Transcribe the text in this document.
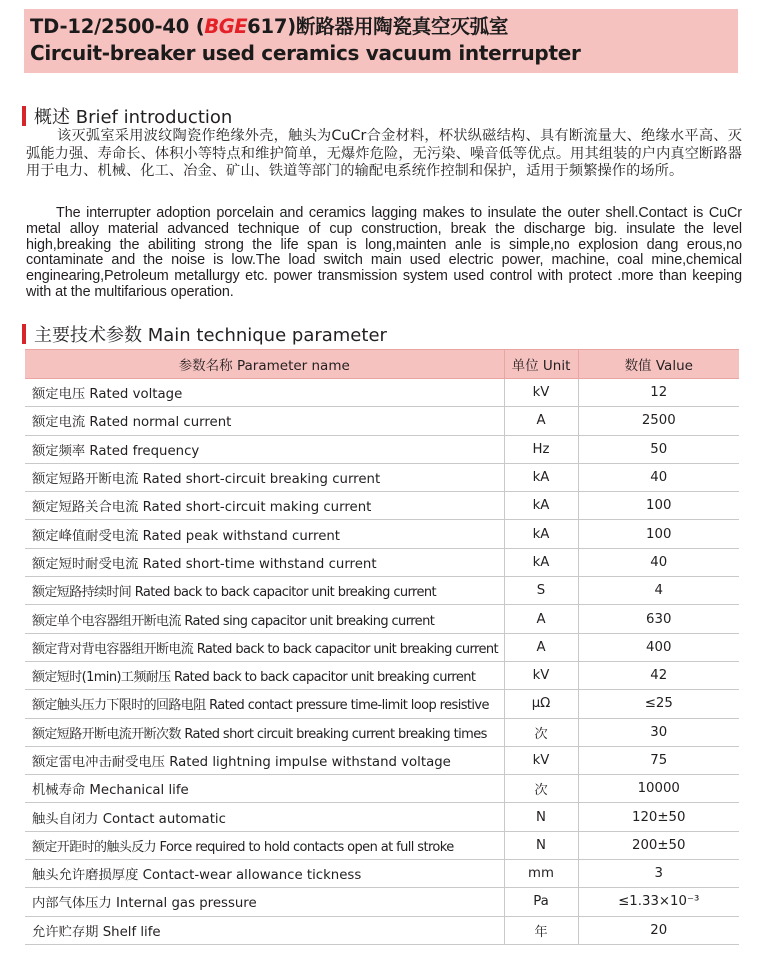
TD-12/2500-40 (BGE617)断路器用陶瓷真空灭弧室
Circuit-breaker used ceramics vacuum interrupter
概述 Brief introduction
该灭弧室采用波纹陶瓷作绝缘外壳，触头为CuCr合金材料，杯状纵磁结构、具有断流量大、绝缘水平高、灭弧能力强、寿命长、体积小等特点和维护简单，无爆炸危险，无污染、噪音低等优点。用其组装的户内真空断路器用于电力、机械、化工、冶金、矿山、铁道等部门的输配电系统作控制和保护，适用于频繁操作的场所。
The interrupter adoption porcelain and ceramics lagging makes to insulate the outer shell.Contact is CuCr metal alloy material advanced technique of cup construction, break the discharge big. insulate the level high,breaking the abiliting strong the life span is long,mainten anle is simple,no explosion dang erous,no contaminate and the noise is low.The load switch main used electric power, machine, coal mine,chemical enginearing,Petroleum metallurgy etc. power transmission system used control with protect .more than keeping with at the multifarious operation.
主要技术参数 Main technique parameter
参数名称 Parameter name	单位 Unit	数值 Value
额定电压 Rated voltage	kV	12
额定电流 Rated normal current	A	2500
额定频率 Rated frequency	Hz	50
额定短路开断电流 Rated short-circuit breaking current	kA	40
额定短路关合电流 Rated short-circuit making current	kA	100
额定峰值耐受电流 Rated peak withstand current	kA	100
额定短时耐受电流 Rated short-time withstand current	kA	40
额定短路持续时间 Rated back to back capacitor unit breaking current	S	4
额定单个电容器组开断电流 Rated sing capacitor unit breaking current	A	630
额定背对背电容器组开断电流 Rated back to back capacitor unit breaking current	A	400
额定短时(1min)工频耐压 Rated back to back capacitor unit breaking current	kV	42
额定触头压力下限时的回路电阻 Rated contact pressure time-limit loop resistive	μΩ	≤25
额定短路开断电流开断次数 Rated short circuit breaking current breaking times	次	30
额定雷电冲击耐受电压 Rated lightning impulse withstand voltage	kV	75
机械寿命 Mechanical life	次	10000
触头自闭力 Contact automatic	N	120±50
额定开距时的触头反力 Force required to hold contacts open at full stroke	N	200±50
触头允许磨损厚度 Contact-wear allowance tickness	mm	3
内部气体压力 Internal gas pressure	Pa	≤1.33×10⁻³
允许贮存期 Shelf life	年	20
